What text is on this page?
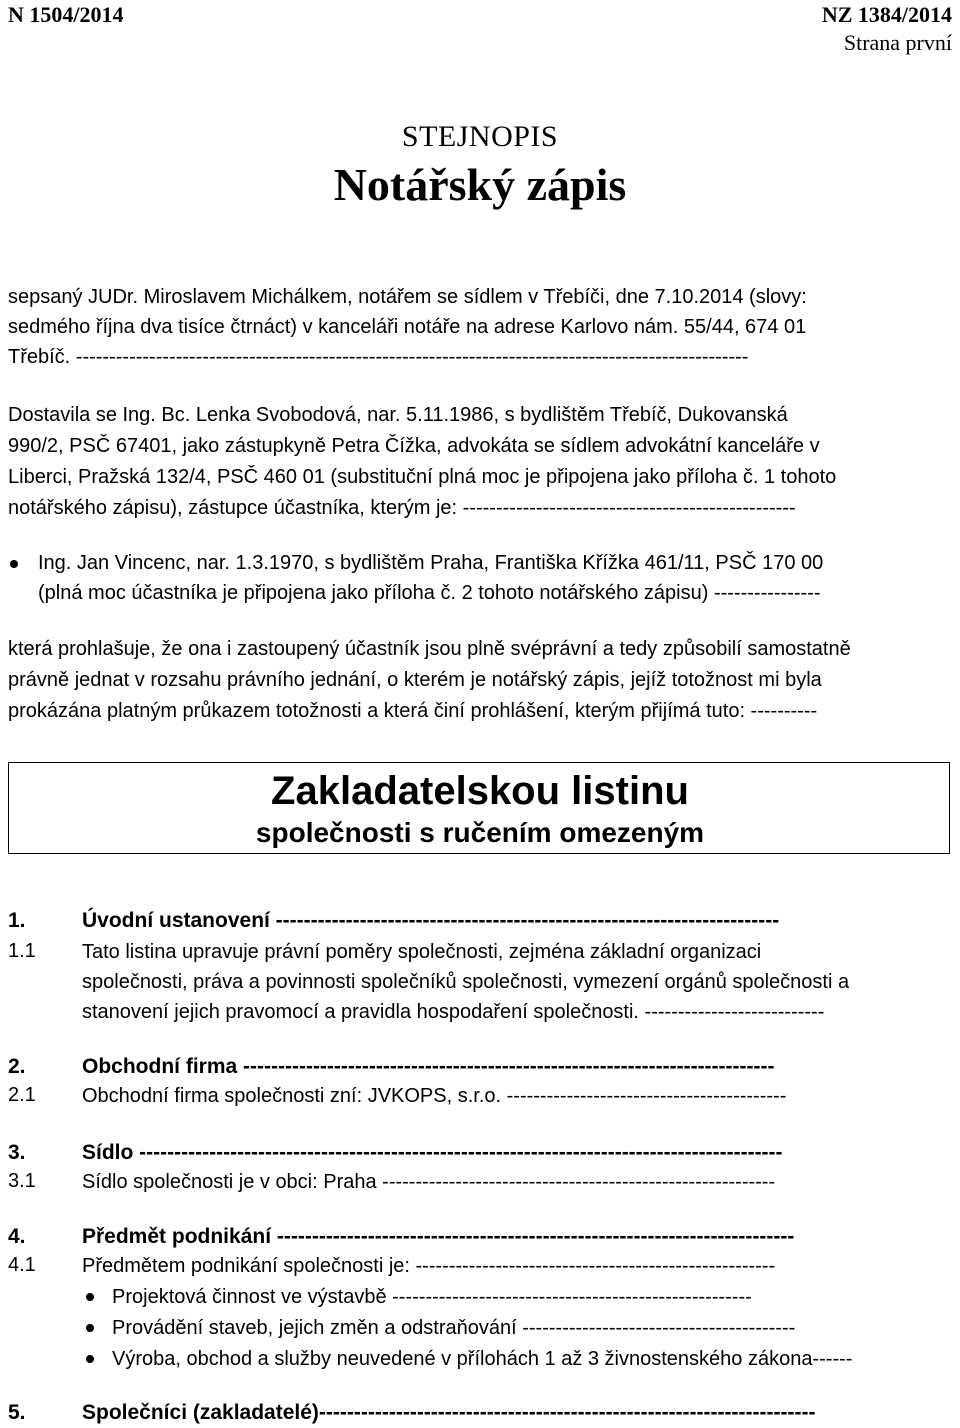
N 1504/2014	NZ 1384/2014
Strana první
STEJNOPIS
Notářský zápis
sepsaný JUDr. Miroslavem Michálkem, notářem se sídlem v Třebíči, dne 7.10.2014 (slovy:
sedmého října dva tisíce čtrnáct) v kanceláři notáře na adrese Karlovo nám. 55/44, 674 01
Třebíč. -----------------------------------------------------------------------------------------------------
Dostavila se Ing. Bc. Lenka Svobodová, nar. 5.11.1986, s bydlištěm Třebíč, Dukovanská
990/2, PSČ 67401, jako zástupkyně Petra Čížka, advokáta se sídlem advokátní kanceláře v
Liberci, Pražská 132/4, PSČ 460 01 (substituční plná moc je připojena jako příloha č. 1 tohoto
notářského zápisu), zástupce účastníka, kterým je: --------------------------------------------------
Ing. Jan Vincenc, nar. 1.3.1970, s bydlištěm Praha, Františka Křížka 461/11, PSČ 170 00
(plná moc účastníka je připojena jako příloha č. 2 tohoto notářského zápisu) ----------------
která prohlašuje, že ona i zastoupený účastník jsou plně svéprávní a tedy způsobilí samostatně
právně jednat v rozsahu právního jednání, o kterém je notářský zápis, jejíž totožnost mi byla
prokázána platným průkazem totožnosti a která činí prohlášení, kterým přijímá tuto: ----------
Zakladatelskou listinu
společnosti s ručením omezeným
1.	Úvodní ustanovení ------------------------------------------------------------------------
1.1 Tato listina upravuje právní poměry společnosti, zejména základní organizaci
společnosti, práva a povinnosti společníků společnosti, vymezení orgánů společnosti a
stanovení jejich pravomocí a pravidla hospodaření společnosti. ---------------------------
2.	Obchodní firma ----------------------------------------------------------------------------
2.1 Obchodní firma společnosti zní: JVKOPS, s.r.o. ------------------------------------------
3.	Sídlo --------------------------------------------------------------------------------------------
3.1 Sídlo společnosti je v obci: Praha -----------------------------------------------------------
4.	Předmět podnikání --------------------------------------------------------------------------
4.1 Předmětem podnikání společnosti je: ------------------------------------------------------
Projektová činnost ve výstavbě ------------------------------------------------------
Provádění staveb, jejich změn a odstraňování -----------------------------------------
Výroba, obchod a služby neuvedené v přílohách 1 až 3 živnostenského zákona------
5.	Společníci (zakladatelé)-----------------------------------------------------------------------
